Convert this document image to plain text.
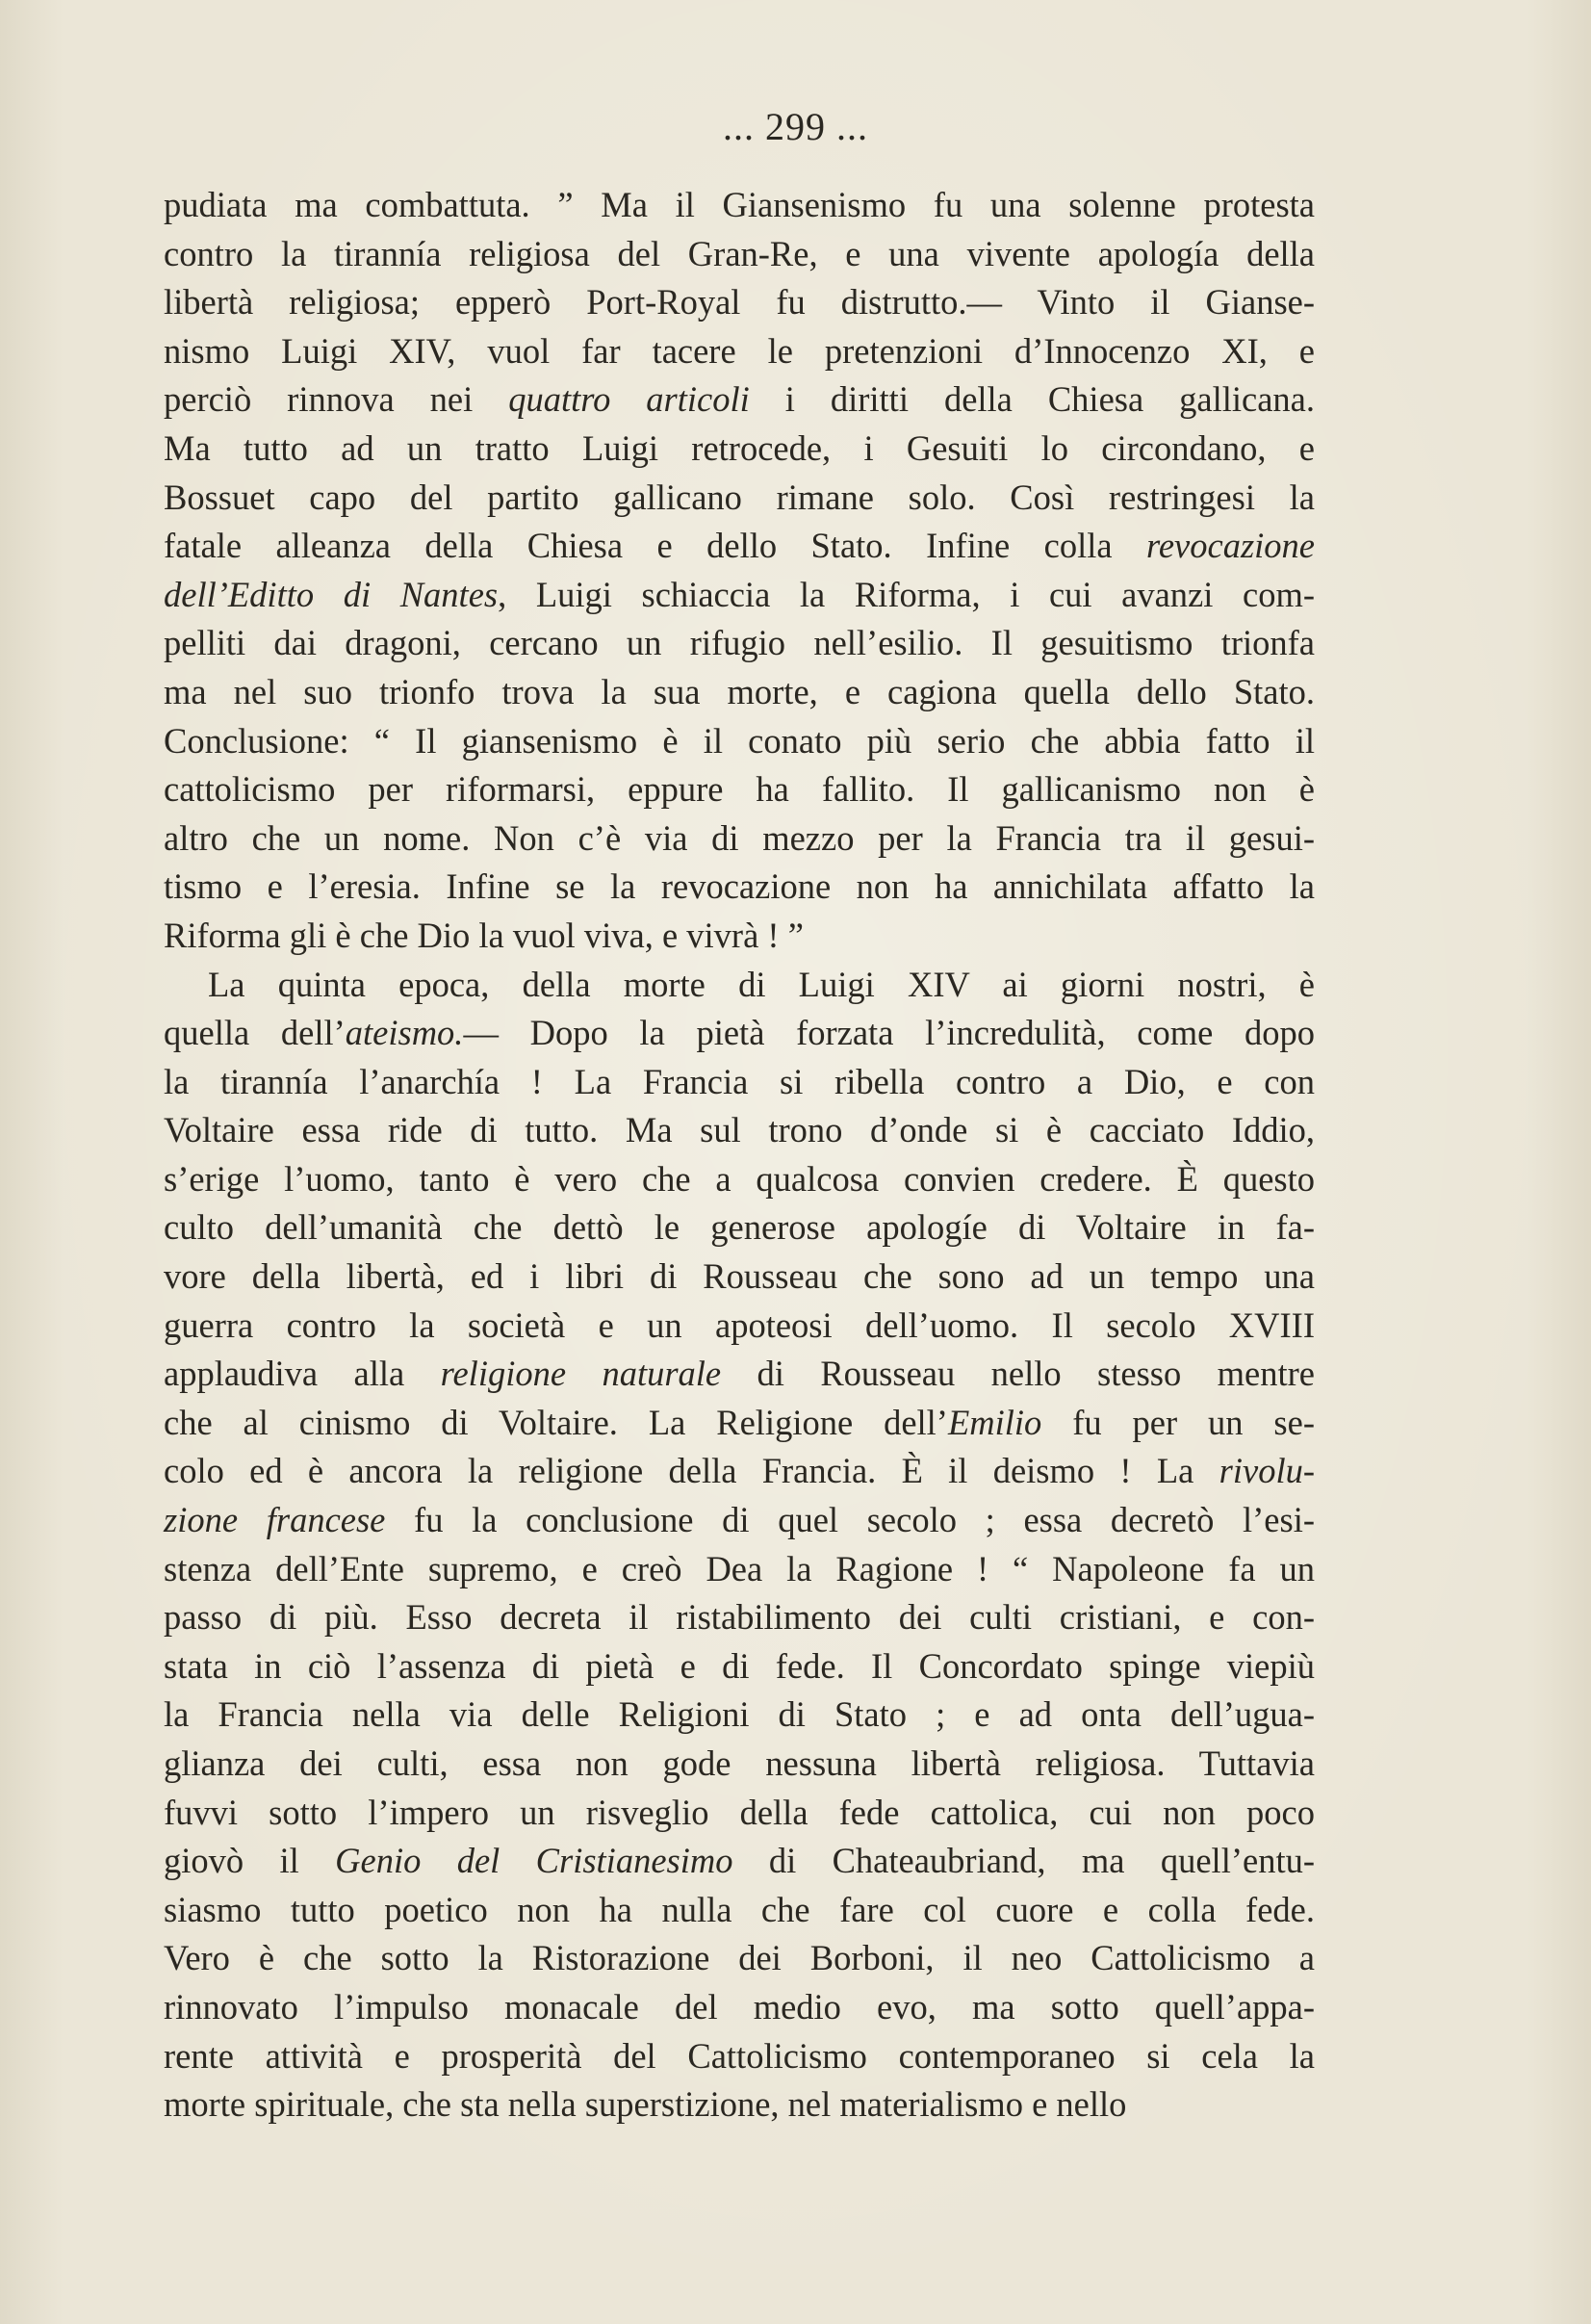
... 299 ...

pudiata ma combattuta. ” Ma il Giansenismo fu una solenne protesta
contro la tirannía religiosa del Gran-Re, e una vivente apología della
libertà religiosa; epperò Port-Royal fu distrutto.— Vinto il Gianse-
nismo Luigi XIV, vuol far tacere le pretenzioni d’Innocenzo XI, e
perciò rinnova nei quattro articoli i diritti della Chiesa gallicana.
Ma tutto ad un tratto Luigi retrocede, i Gesuiti lo circondano, e
Bossuet capo del partito gallicano rimane solo. Così restringesi la
fatale alleanza della Chiesa e dello Stato. Infine colla revocazione
dell’Editto di Nantes, Luigi schiaccia la Riforma, i cui avanzi com-
pelliti dai dragoni, cercano un rifugio nell’esilio. Il gesuitismo trionfa
ma nel suo trionfo trova la sua morte, e cagiona quella dello Stato.
Conclusione: “ Il giansenismo è il conato più serio che abbia fatto il
cattolicismo per riformarsi, eppure ha fallito. Il gallicanismo non è
altro che un nome. Non c’è via di mezzo per la Francia tra il gesui-
tismo e l’eresia. Infine se la revocazione non ha annichilata affatto la
Riforma gli è che Dio la vuol viva, e vivrà ! ”
La quinta epoca, della morte di Luigi XIV ai giorni nostri, è
quella dell’ateismo.— Dopo la pietà forzata l’incredulità, come dopo
la tirannía l’anarchía ! La Francia si ribella contro a Dio, e con
Voltaire essa ride di tutto. Ma sul trono d’onde si è cacciato Iddio,
s’erige l’uomo, tanto è vero che a qualcosa convien credere. È questo
culto dell’umanità che dettò le generose apologíe di Voltaire in fa-
vore della libertà, ed i libri di Rousseau che sono ad un tempo una
guerra contro la società e un apoteosi dell’uomo. Il secolo XVIII
applaudiva alla religione naturale di Rousseau nello stesso mentre
che al cinismo di Voltaire. La Religione dell’Emilio fu per un se-
colo ed è ancora la religione della Francia. È il deismo ! La rivolu-
zione francese fu la conclusione di quel secolo ; essa decretò l’esi-
stenza dell’Ente supremo, e creò Dea la Ragione ! “ Napoleone fa un
passo di più. Esso decreta il ristabilimento dei culti cristiani, e con-
stata in ciò l’assenza di pietà e di fede. Il Concordato spinge viepiù
la Francia nella via delle Religioni di Stato ; e ad onta dell’ugua-
glianza dei culti, essa non gode nessuna libertà religiosa. Tuttavia
fuvvi sotto l’impero un risveglio della fede cattolica, cui non poco
giovò il Genio del Cristianesimo di Chateaubriand, ma quell’entu-
siasmo tutto poetico non ha nulla che fare col cuore e colla fede.
Vero è che sotto la Ristorazione dei Borboni, il neo Cattolicismo a
rinnovato l’impulso monacale del medio evo, ma sotto quell’appa-
rente attività e prosperità del Cattolicismo contemporaneo si cela la
morte spirituale, che sta nella superstizione, nel materialismo e nello
